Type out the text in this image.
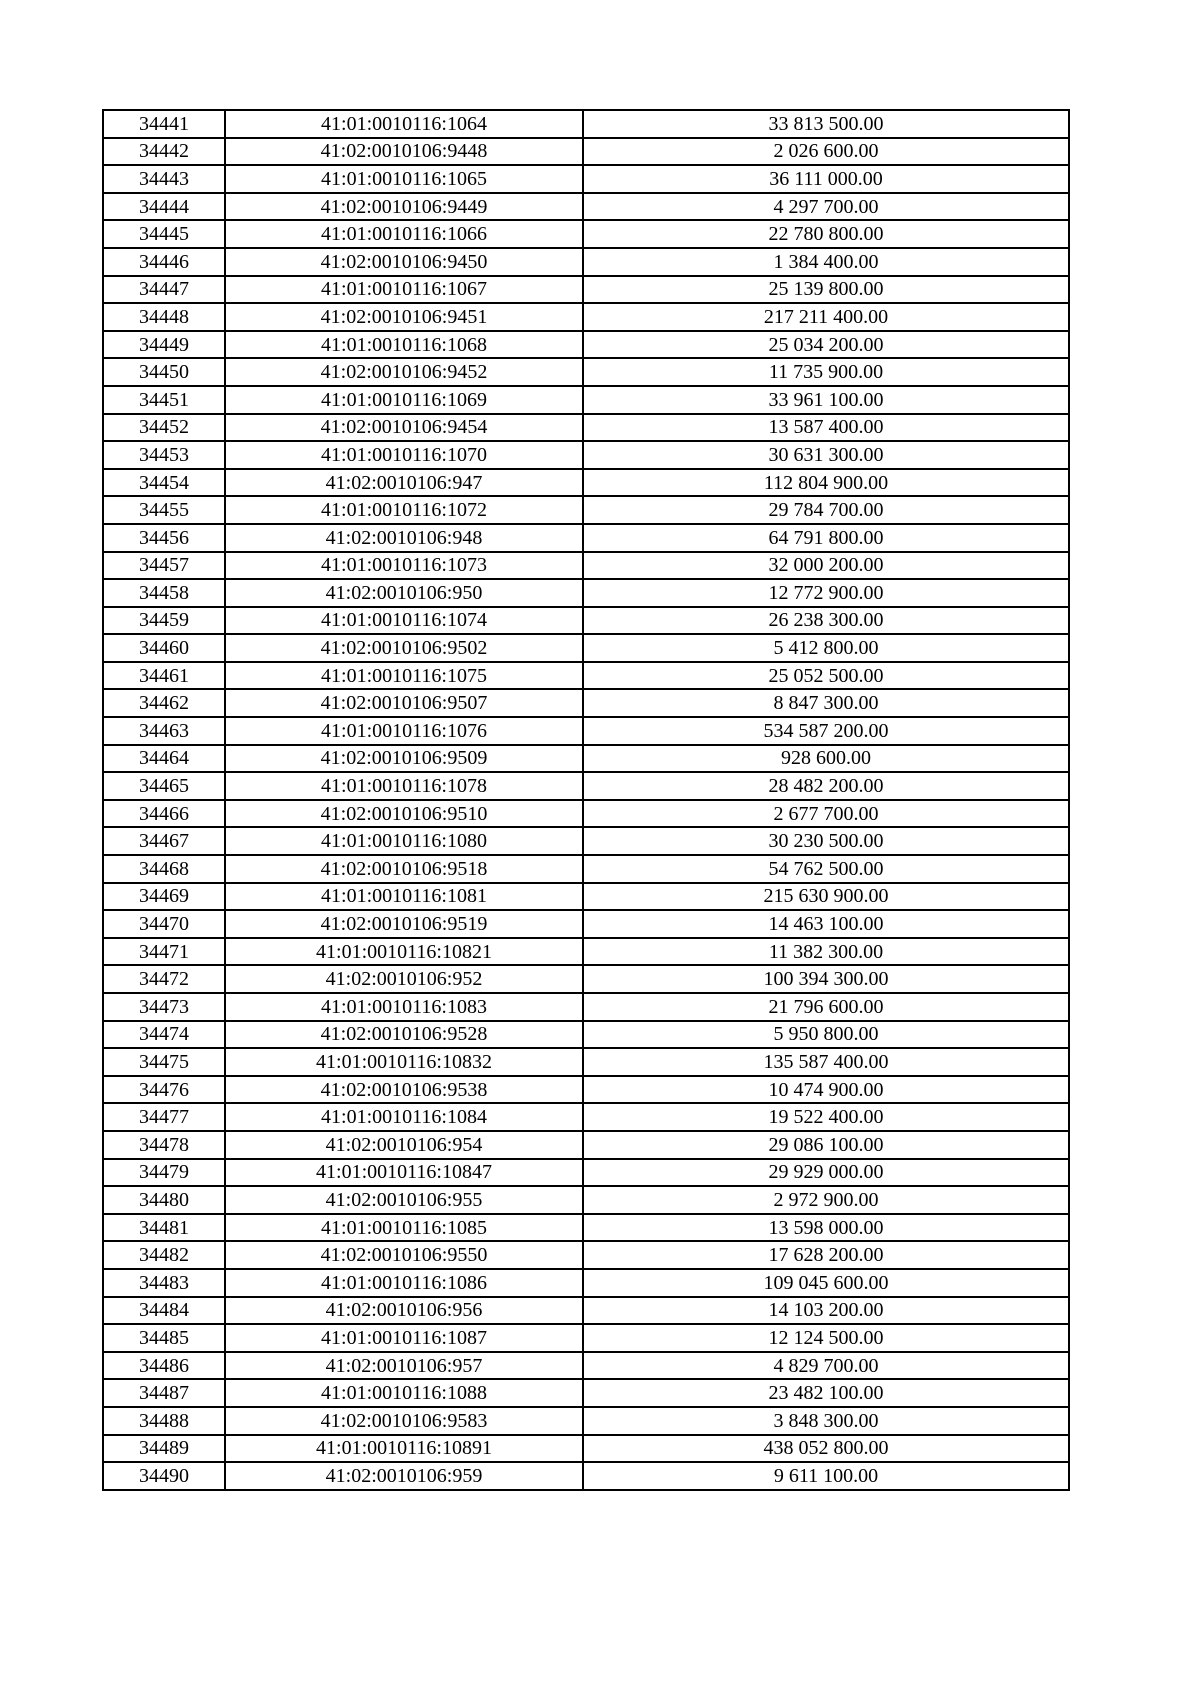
34441	41:01:0010116:1064	33 813 500.00
34442	41:02:0010106:9448	2 026 600.00
34443	41:01:0010116:1065	36 111 000.00
34444	41:02:0010106:9449	4 297 700.00
34445	41:01:0010116:1066	22 780 800.00
34446	41:02:0010106:9450	1 384 400.00
34447	41:01:0010116:1067	25 139 800.00
34448	41:02:0010106:9451	217 211 400.00
34449	41:01:0010116:1068	25 034 200.00
34450	41:02:0010106:9452	11 735 900.00
34451	41:01:0010116:1069	33 961 100.00
34452	41:02:0010106:9454	13 587 400.00
34453	41:01:0010116:1070	30 631 300.00
34454	41:02:0010106:947	112 804 900.00
34455	41:01:0010116:1072	29 784 700.00
34456	41:02:0010106:948	64 791 800.00
34457	41:01:0010116:1073	32 000 200.00
34458	41:02:0010106:950	12 772 900.00
34459	41:01:0010116:1074	26 238 300.00
34460	41:02:0010106:9502	5 412 800.00
34461	41:01:0010116:1075	25 052 500.00
34462	41:02:0010106:9507	8 847 300.00
34463	41:01:0010116:1076	534 587 200.00
34464	41:02:0010106:9509	928 600.00
34465	41:01:0010116:1078	28 482 200.00
34466	41:02:0010106:9510	2 677 700.00
34467	41:01:0010116:1080	30 230 500.00
34468	41:02:0010106:9518	54 762 500.00
34469	41:01:0010116:1081	215 630 900.00
34470	41:02:0010106:9519	14 463 100.00
34471	41:01:0010116:10821	11 382 300.00
34472	41:02:0010106:952	100 394 300.00
34473	41:01:0010116:1083	21 796 600.00
34474	41:02:0010106:9528	5 950 800.00
34475	41:01:0010116:10832	135 587 400.00
34476	41:02:0010106:9538	10 474 900.00
34477	41:01:0010116:1084	19 522 400.00
34478	41:02:0010106:954	29 086 100.00
34479	41:01:0010116:10847	29 929 000.00
34480	41:02:0010106:955	2 972 900.00
34481	41:01:0010116:1085	13 598 000.00
34482	41:02:0010106:9550	17 628 200.00
34483	41:01:0010116:1086	109 045 600.00
34484	41:02:0010106:956	14 103 200.00
34485	41:01:0010116:1087	12 124 500.00
34486	41:02:0010106:957	4 829 700.00
34487	41:01:0010116:1088	23 482 100.00
34488	41:02:0010106:9583	3 848 300.00
34489	41:01:0010116:10891	438 052 800.00
34490	41:02:0010106:959	9 611 100.00
